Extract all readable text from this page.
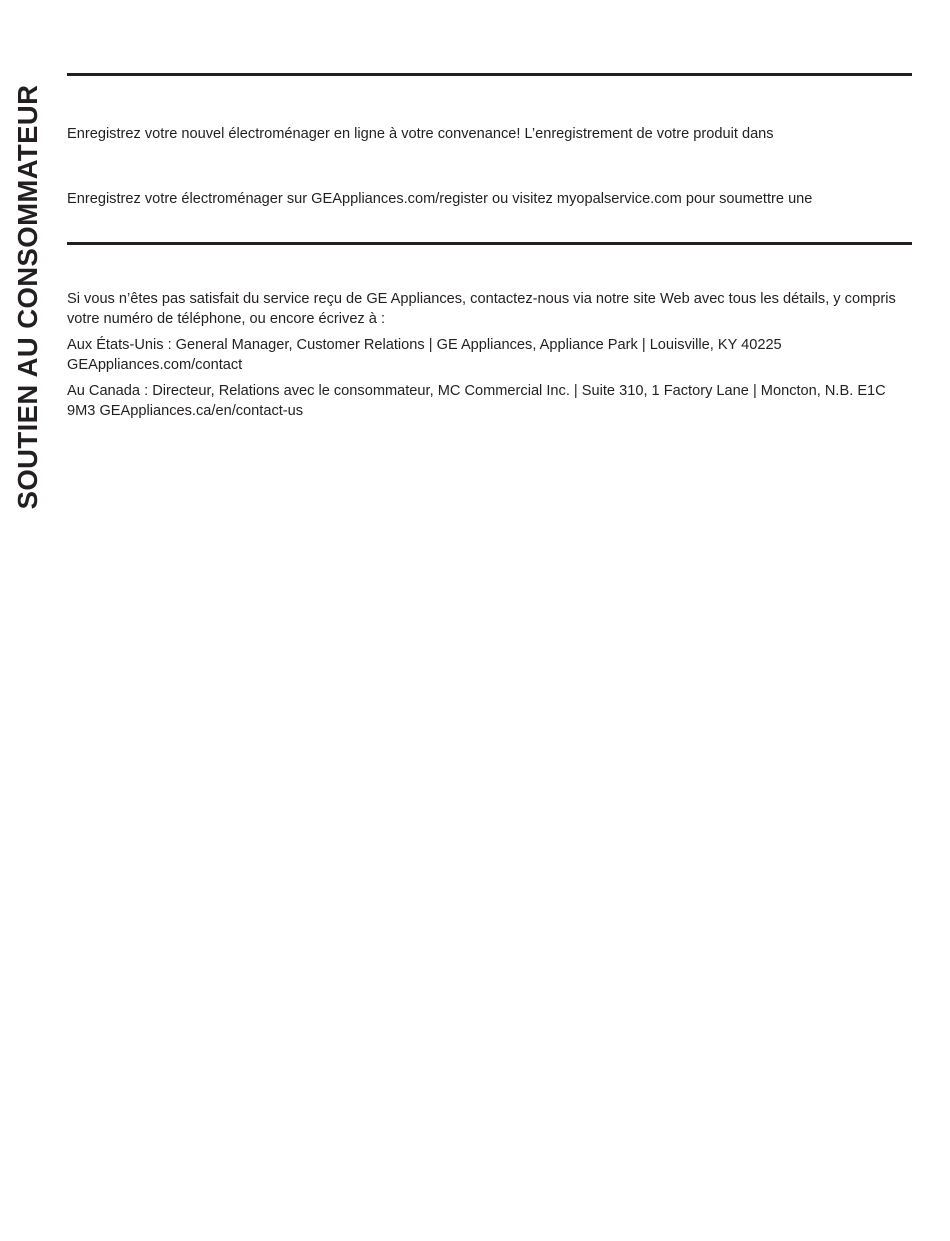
SOUTIEN AU CONSOMMATEUR Enregistrez votre nouvel électroménager en ligne à votre convenance! L’enregistrement de votre produit dans

Enregistrez votre électroménager sur GEAppliances.com/register ou visitez myopalservice.com pour soumettre une

Si vous n’êtes pas satisfait du service reçu de GE Appliances, contactez-nous via notre site Web avec tous les détails, y compris votre numéro de téléphone, ou encore écrivez à :

Aux États-Unis : General Manager, Customer Relations | GE Appliances, Appliance Park | Louisville, KY 40225
GEAppliances.com/contact

Au Canada : Directeur, Relations avec le consommateur, MC Commercial Inc. | Suite 310, 1 Factory Lane | Moncton, N.B. E1C 9M3 GEAppliances.ca/en/contact-us
